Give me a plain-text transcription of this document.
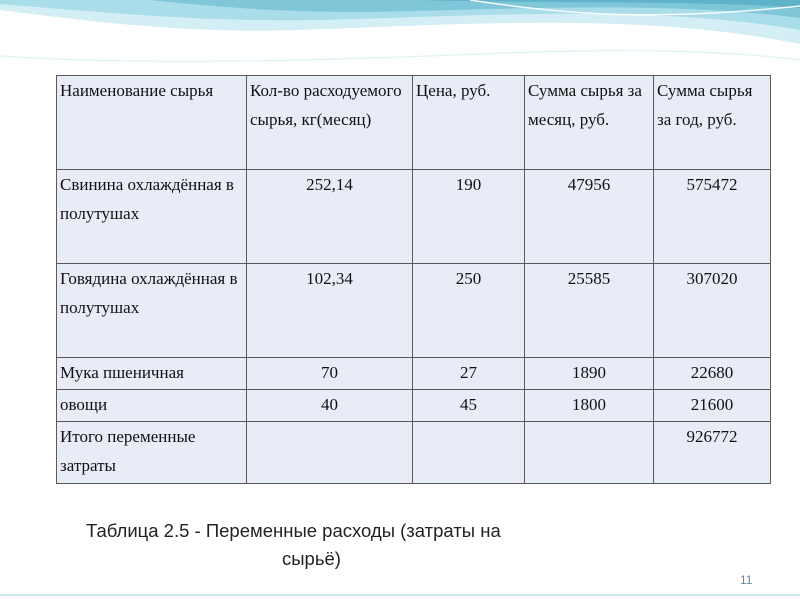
Наименование сырья	Кол-во расходуемого сырья, кг(месяц)	Цена, руб.	Сумма сырья за месяц, руб.	Сумма сырья за год, руб.
Свинина охлаждённая в полутушах	252,14	190	47956	575472
Говядина охлаждённая в полутушах	102,34	250	25585	307020
Мука пшеничная	70	27	1890	22680
овощи	40	45	1800	21600
Итого переменные затраты				926772
Таблица 2.5 - Переменные расходы (затраты на
сырьё)
11
